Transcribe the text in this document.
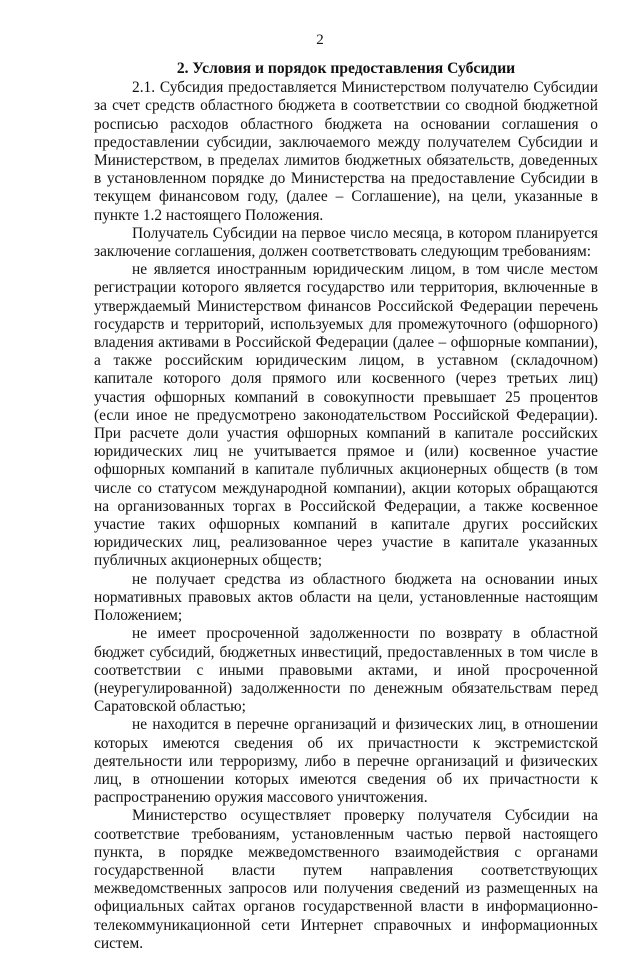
2
2. Условия и порядок предоставления Субсидии

2.1. Субсидия предоставляется Министерством получателю Субсидии за счет средств областного бюджета в соответствии со сводной бюджетной росписью расходов областного бюджета на основании соглашения о предоставлении субсидии, заключаемого между получателем Субсидии и Министерством, в пределах лимитов бюджетных обязательств, доведенных в установленном порядке до Министерства на предоставление Субсидии в текущем финансовом году, (далее – Соглашение), на цели, указанные в пункте 1.2 настоящего Положения.

Получатель Субсидии на первое число месяца, в котором планируется заключение соглашения, должен соответствовать следующим требованиям:

не является иностранным юридическим лицом, в том числе местом регистрации которого является государство или территория, включенные в утверждаемый Министерством финансов Российской Федерации перечень государств и территорий, используемых для промежуточного (офшорного) владения активами в Российской Федерации (далее – офшорные компании), а также российским юридическим лицом, в уставном (складочном) капитале которого доля прямого или косвенного (через третьих лиц) участия офшорных компаний в совокупности превышает 25 процентов (если иное не предусмотрено законодательством Российской Федерации). При расчете доли участия офшорных компаний в капитале российских юридических лиц не учитывается прямое и (или) косвенное участие офшорных компаний в капитале публичных акционерных обществ (в том числе со статусом международной компании), акции которых обращаются на организованных торгах в Российской Федерации, а также косвенное участие таких офшорных компаний в капитале других российских юридических лиц, реализованное через участие в капитале указанных публичных акционерных обществ;

не получает средства из областного бюджета на основании иных нормативных правовых актов области на цели, установленные настоящим Положением;

не имеет просроченной задолженности по возврату в областной бюджет субсидий, бюджетных инвестиций, предоставленных в том числе в соответствии с иными правовыми актами, и иной просроченной (неурегулированной) задолженности по денежным обязательствам перед Саратовской областью;

не находится в перечне организаций и физических лиц, в отношении которых имеются сведения об их причастности к экстремистской деятельности или терроризму, либо в перечне организаций и физических лиц, в отношении которых имеются сведения об их причастности к распространению оружия массового уничтожения.

Министерство осуществляет проверку получателя Субсидии на соответствие требованиям, установленным частью первой настоящего пункта, в порядке межведомственного взаимодействия с органами государственной власти путем направления соответствующих межведомственных запросов или получения сведений из размещенных на официальных сайтах органов государственной власти в информационно-телекоммуникационной сети Интернет справочных и информационных систем.
